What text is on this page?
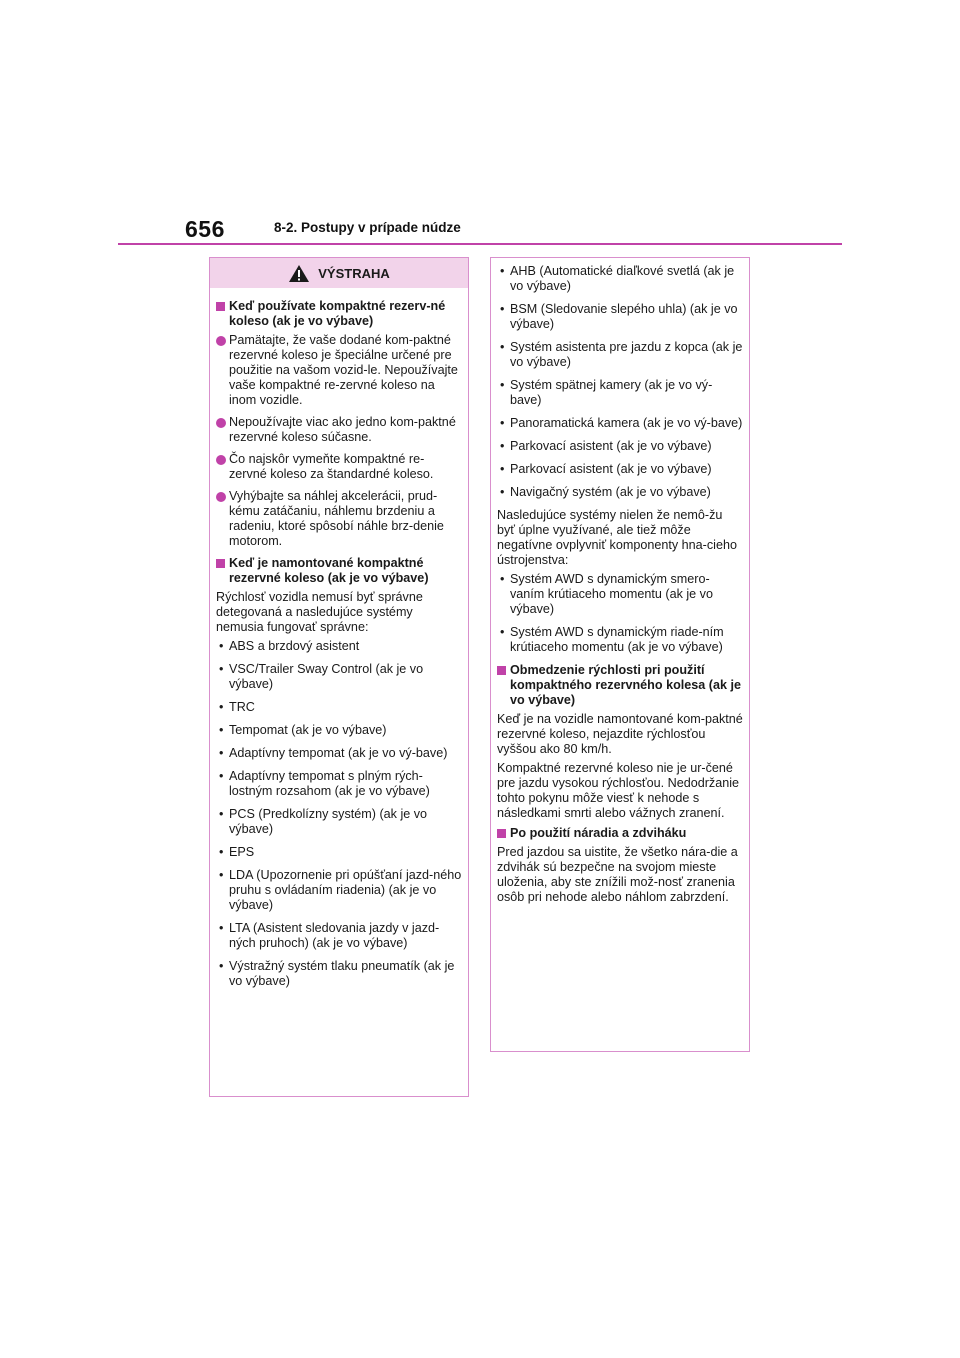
656	8-2. Postupy v prípade núdze
VÝSTRAHA
Keď používate kompaktné rezerv-né koleso (ak je vo výbave)
Pamätajte, že vaše dodané kom-paktné rezervné koleso je špeciálne určené pre použitie na vašom vozid-le. Nepoužívajte vaše kompaktné re-zervné koleso na inom vozidle.
Nepoužívajte viac ako jedno kom-paktné rezervné koleso súčasne.
Čo najskôr vymeňte kompaktné re-zervné koleso za štandardné koleso.
Vyhýbajte sa náhlej akcelerácii, prud-kému zatáčaniu, náhlemu brzdeniu a radeniu, ktoré spôsobí náhle brz-denie motorom.
Keď je namontované kompaktné rezervné koleso (ak je vo výbave)
Rýchlosť vozidla nemusí byť správne detegovaná a nasledujúce systémy nemusia fungovať správne:
• ABS a brzdový asistent
• VSC/Trailer Sway Control (ak je vo výbave)
• TRC
• Tempomat (ak je vo výbave)
• Adaptívny tempomat (ak je vo vý-bave)
• Adaptívny tempomat s plným rých-lostným rozsahom (ak je vo výbave)
• PCS (Predkolízny systém) (ak je vo výbave)
• EPS
• LDA (Upozornenie pri opúšťaní jazd-ného pruhu s ovládaním riadenia) (ak je vo výbave)
• LTA (Asistent sledovania jazdy v jazd-ných pruhoch) (ak je vo výbave)
• Výstražný systém tlaku pneumatík (ak je vo výbave)
• AHB (Automatické diaľkové svetlá (ak je vo výbave)
• BSM (Sledovanie slepého uhla) (ak je vo výbave)
• Systém asistenta pre jazdu z kopca (ak je vo výbave)
• Systém spätnej kamery (ak je vo vý-bave)
• Panoramatická kamera (ak je vo vý-bave)
• Parkovací asistent (ak je vo výbave)
• Parkovací asistent (ak je vo výbave)
• Navigačný systém (ak je vo výbave)
Nasledujúce systémy nielen že nemô-žu byť úplne využívané, ale tiež môže negatívne ovplyvniť komponenty hna-cieho ústrojenstva:
• Systém AWD s dynamickým smero-vaním krútiaceho momentu (ak je vo výbave)
• Systém AWD s dynamickým riade-ním krútiaceho momentu (ak je vo výbave)
Obmedzenie rýchlosti pri použití kompaktného rezervného kolesa (ak je vo výbave)
Keď je na vozidle namontované kom-paktné rezervné koleso, nejazdite rýchlosťou vyššou ako 80 km/h.
Kompaktné rezervné koleso nie je ur-čené pre jazdu vysokou rýchlosťou. Nedodržanie tohto pokynu môže viesť k nehode s následkami smrti alebo vážnych zranení.
Po použití náradia a zdviháku
Pred jazdou sa uistite, že všetko nára-die a zdvihák sú bezpečne na svojom mieste uloženia, aby ste znížili mož-nosť zranenia osôb pri nehode alebo náhlom zabrzdení.
